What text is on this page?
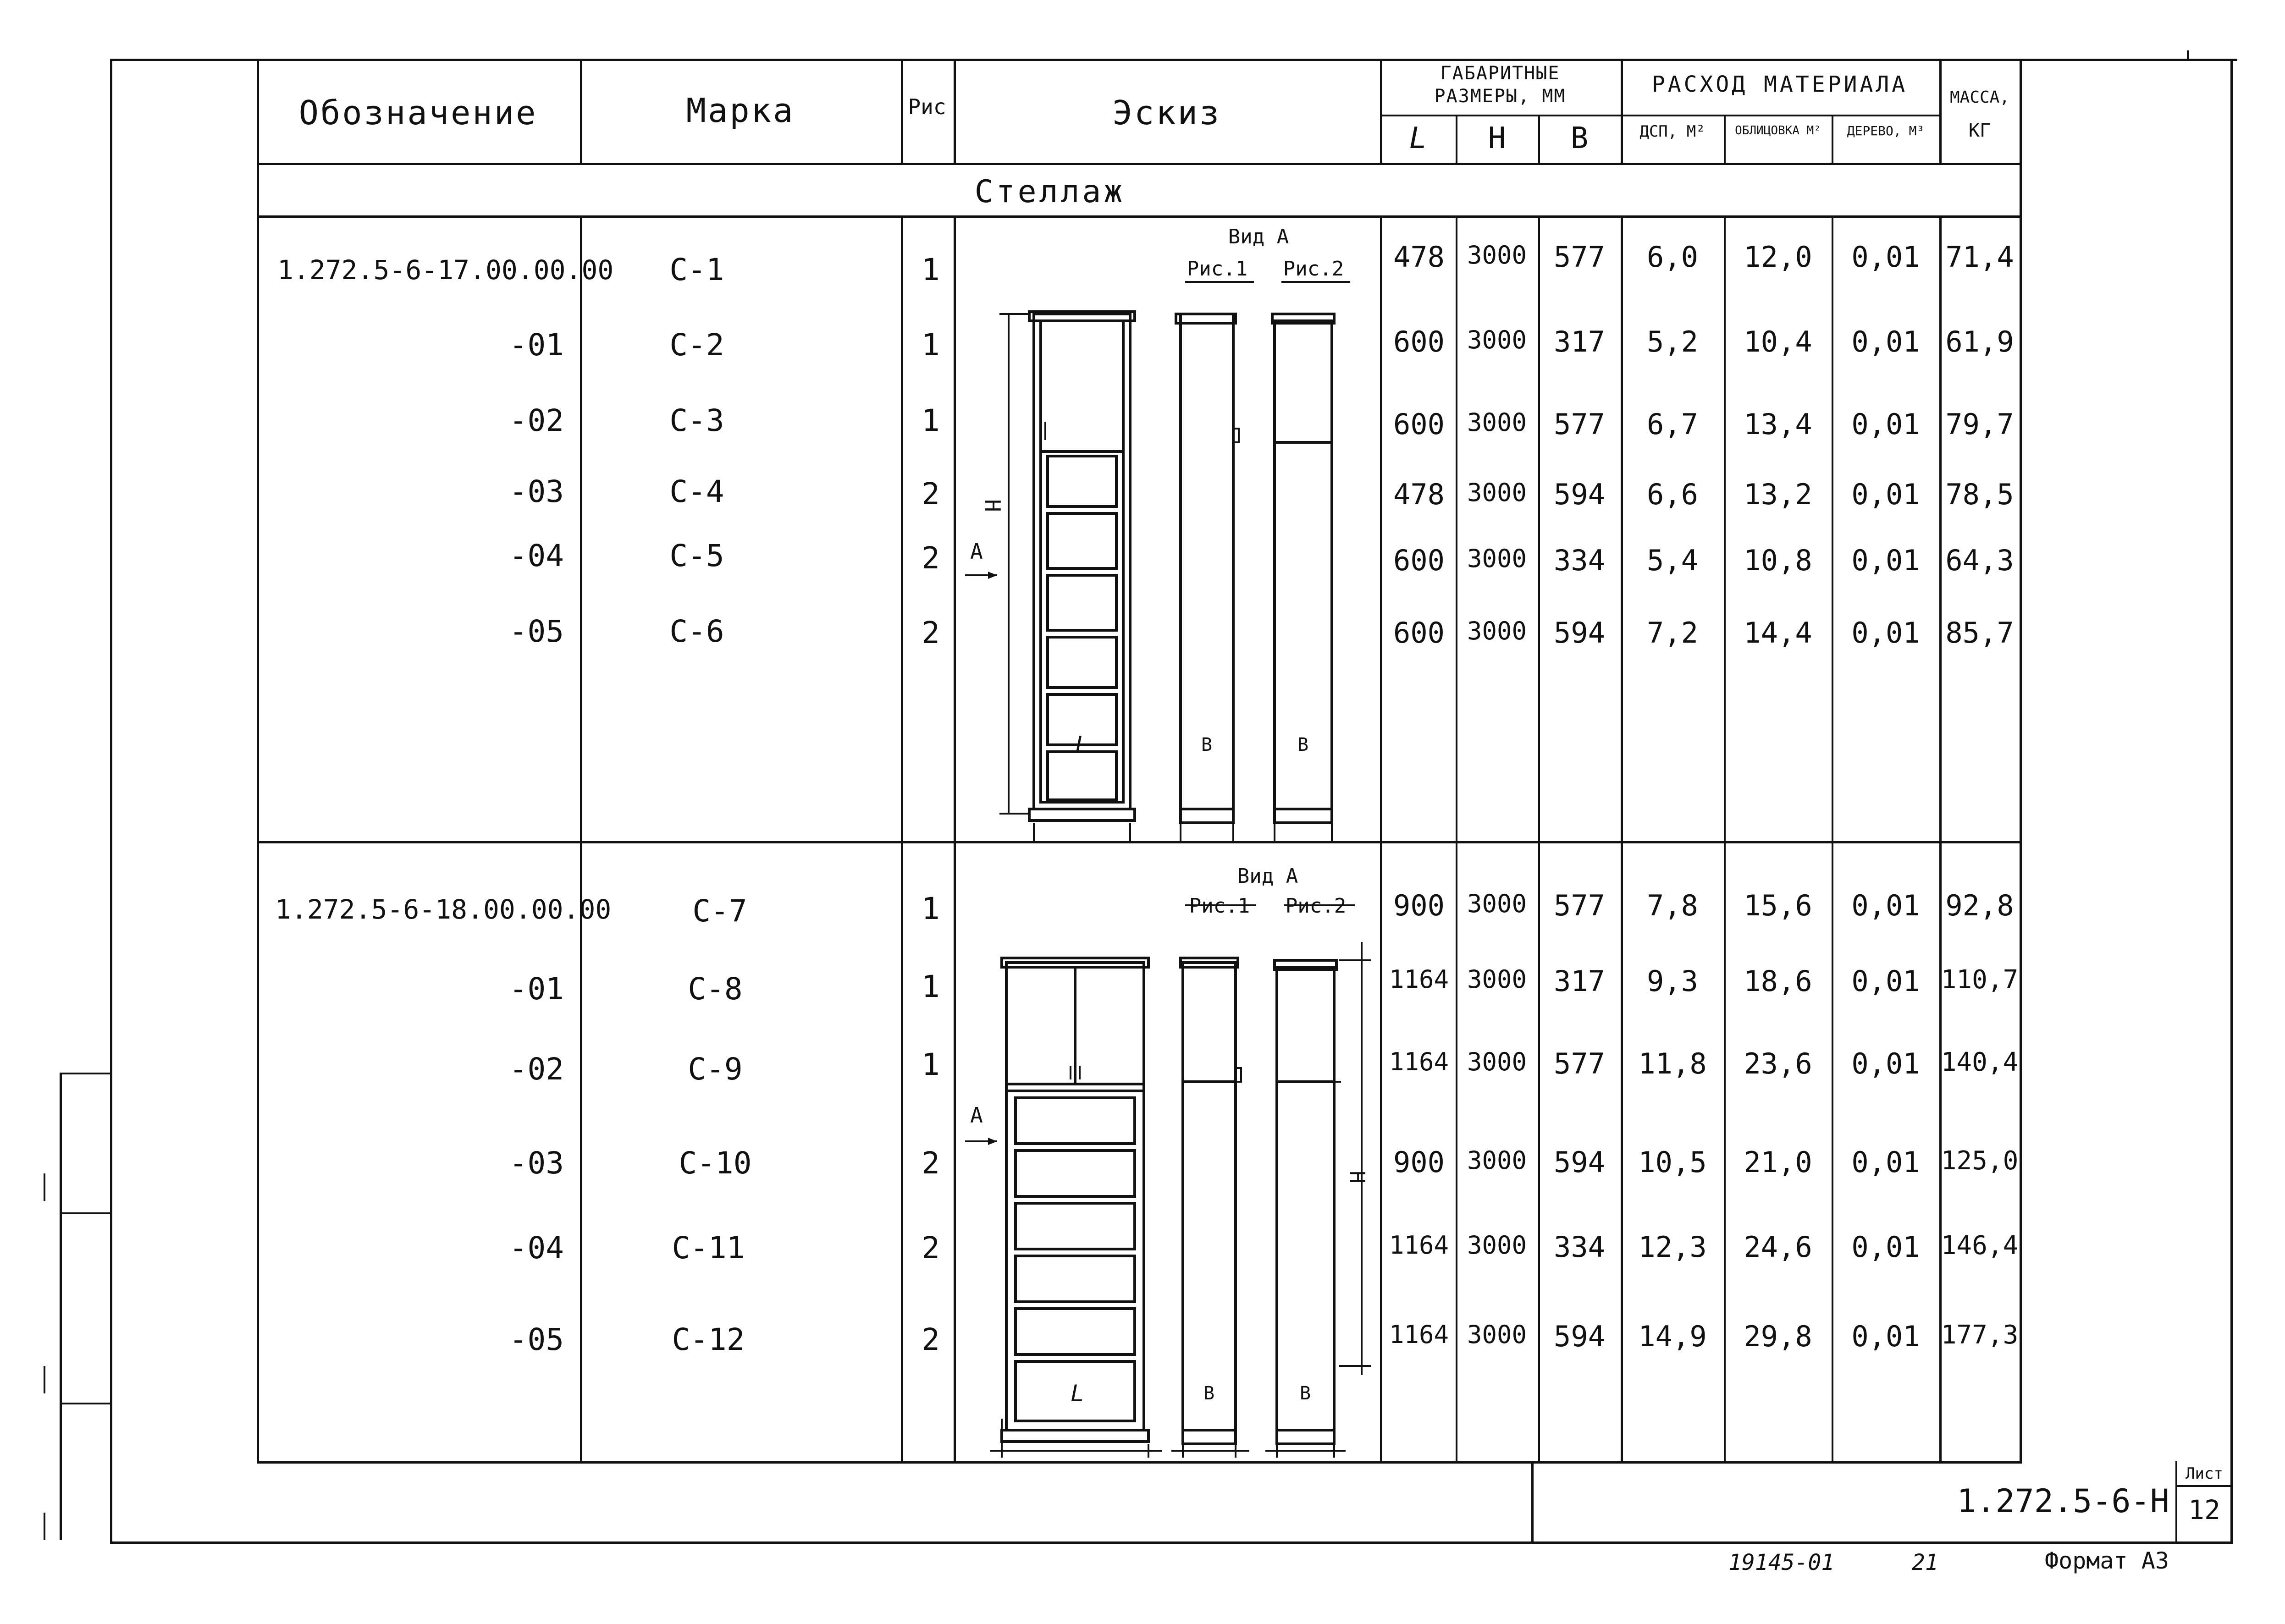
Обозначение	Марка	Рис	Эскиз
ГАБАРИТНЫЕ
РАЗМЕРЫ, ММ
L H B
РАСХОД МАТЕРИАЛА
ДСП, М² ОБЛИЦОВКА М² ДЕРЕВО, М³
МАССА,
КГ
Стеллаж
1.272.5-6-17.00.00.00 С-1	1	478 3000 577 6,0 12,0 0,01 71,4
-01	С-2	1	600 3000 317 5,2 10,4 0,01 61,9
-02	С-3	1	600 3000 577 6,7 13,4 0,01 79,7
-03	С-4	2	478 3000 594 6,6 13,2 0,01 78,5
-04	С-5	2	600 3000 334 5,4 10,8 0,01 64,3
-05	С-6	2	600 3000 594 7,2 14,4 0,01 85,7
Вид А
Рис.1 Рис.2
H
А
L	В	В
1.272.5-6-18.00.00.00	С-7	1	900 3000 577 7,8 15,6 0,01 92,8
-01	С-8	1	1164 3000 317 9,3 18,6 0,01 110,7
-02	С-9	1	1164 3000 577 11,8 23,6 0,01 140,4
-03	С-10	2	900 3000 594 10,5 21,0 0,01 125,0
-04	С-11	2	1164 3000 334 12,3 24,6 0,01 146,4
-05	С-12	2	1164 3000 594 14,9 29,8 0,01 177,3
Вид А
Рис.1 Рис.2
H
А
L	В	В
1.272.5-6-Н
Лист
12
19145-01	21	Формат А3
